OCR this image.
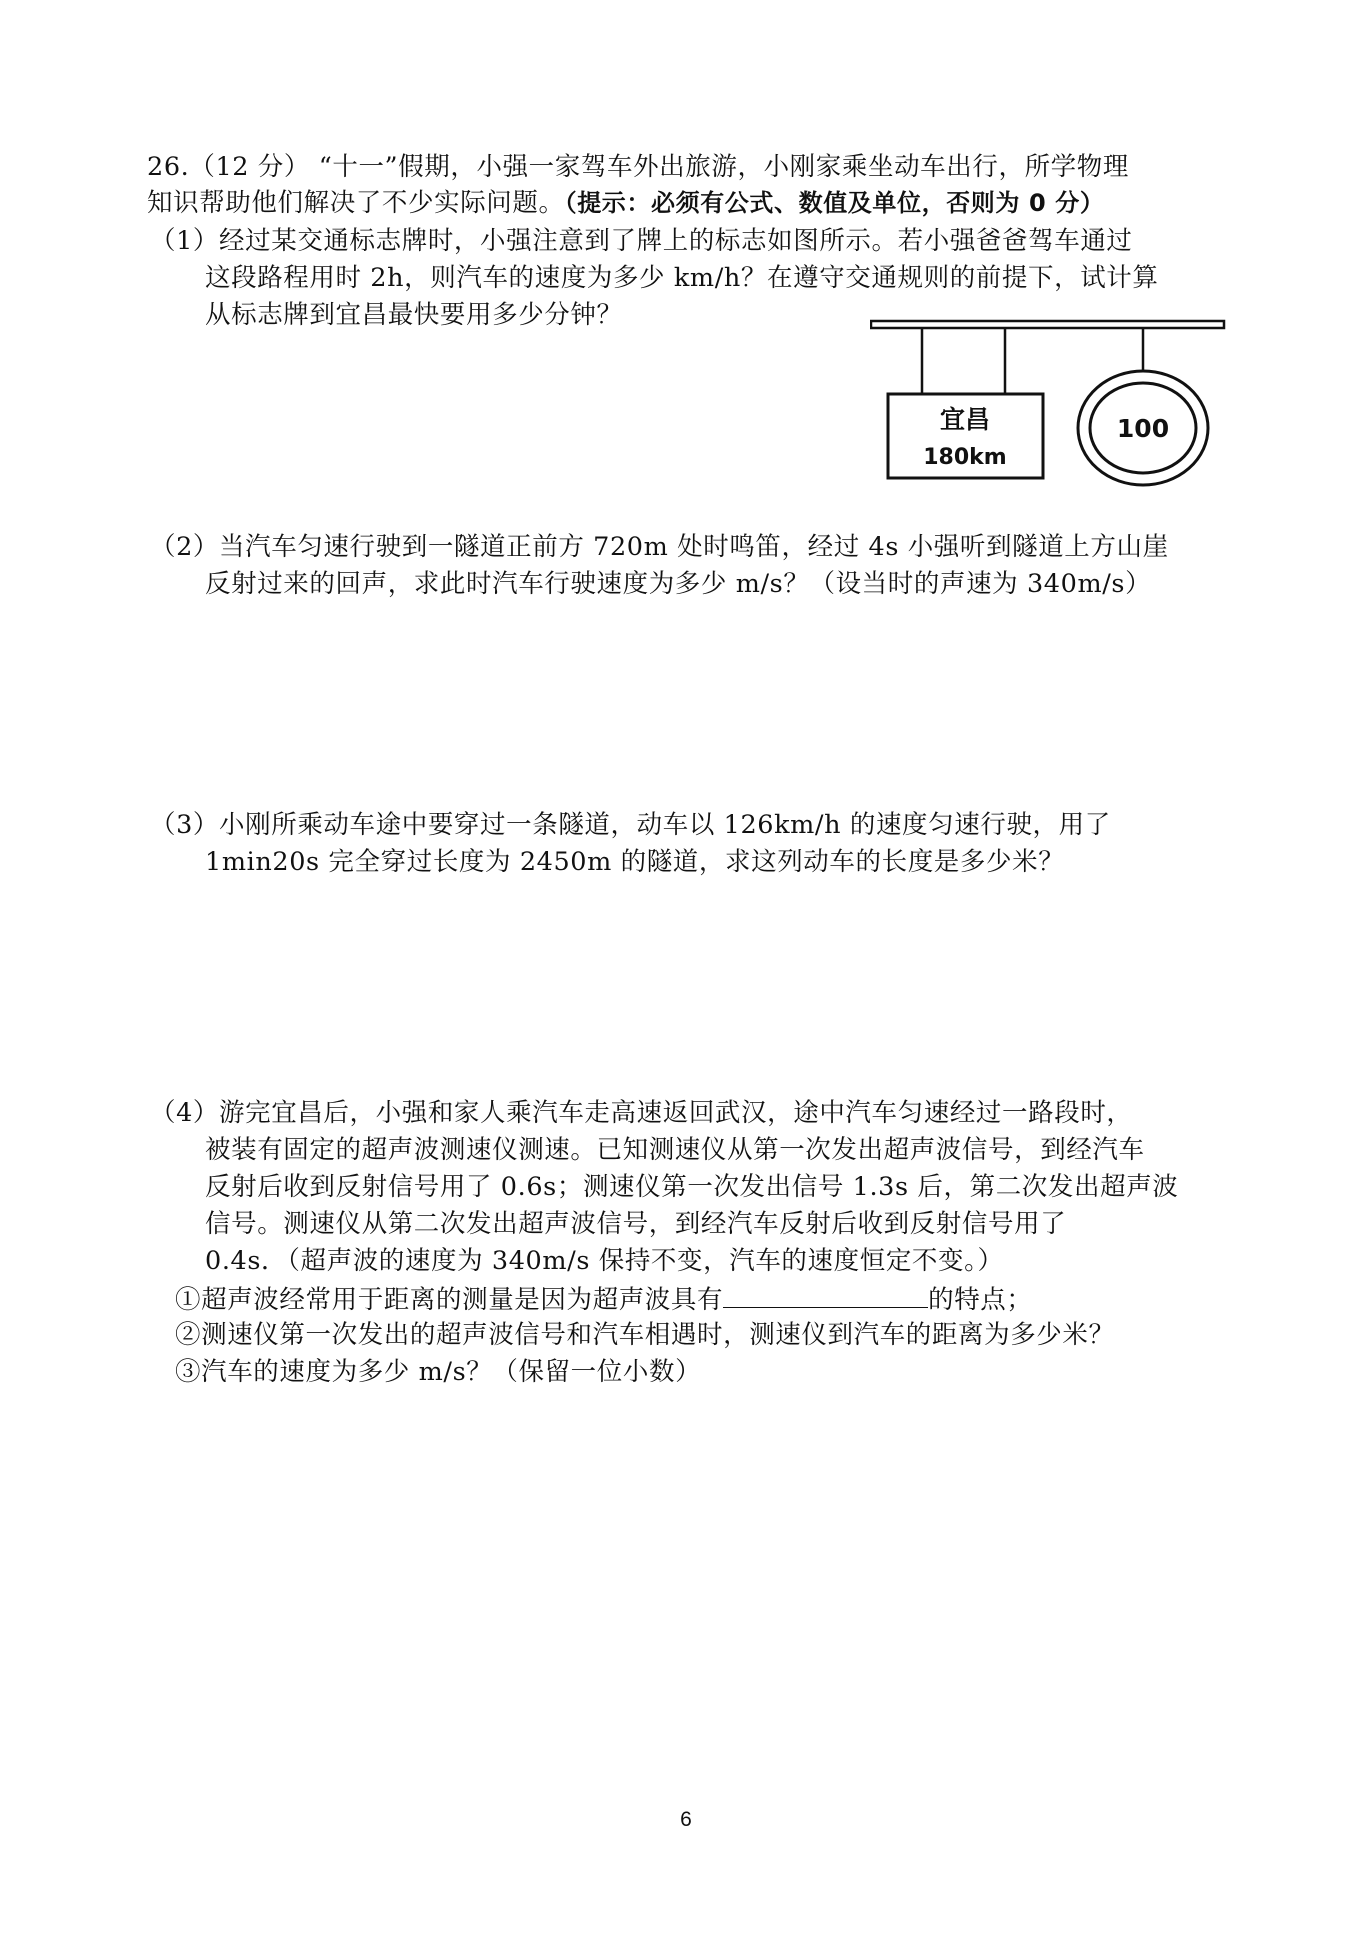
26.（12 分） “十一”假期，小强一家驾车外出旅游，小刚家乘坐动车出行，所学物理
知识帮助他们解决了不少实际问题。（提示：必须有公式、数值及单位，否则为 0 分）
（1）经过某交通标志牌时，小强注意到了牌上的标志如图所示。若小强爸爸驾车通过
这段路程用时 2h，则汽车的速度为多少 km/h？在遵守交通规则的前提下，试计算
从标志牌到宜昌最快要用多少分钟？
宜昌
180km
100
（2）当汽车匀速行驶到一隧道正前方 720m 处时鸣笛，经过 4s 小强听到隧道上方山崖
反射过来的回声，求此时汽车行驶速度为多少 m/s？（设当时的声速为 340m/s）
（3）小刚所乘动车途中要穿过一条隧道，动车以 126km/h 的速度匀速行驶，用了
1min20s 完全穿过长度为 2450m 的隧道，求这列动车的长度是多少米？
（4）游完宜昌后，小强和家人乘汽车走高速返回武汉，途中汽车匀速经过一路段时，
被装有固定的超声波测速仪测速。已知测速仪从第一次发出超声波信号，到经汽车
反射后收到反射信号用了 0.6s；测速仪第一次发出信号 1.3s 后，第二次发出超声波
信号。测速仪从第二次发出超声波信号，到经汽车反射后收到反射信号用了
0.4s．（超声波的速度为 340m/s 保持不变，汽车的速度恒定不变。）
①超声波经常用于距离的测量是因为超声波具有	的特点；
②测速仪第一次发出的超声波信号和汽车相遇时，测速仪到汽车的距离为多少米？
③汽车的速度为多少 m/s？（保留一位小数）
6
